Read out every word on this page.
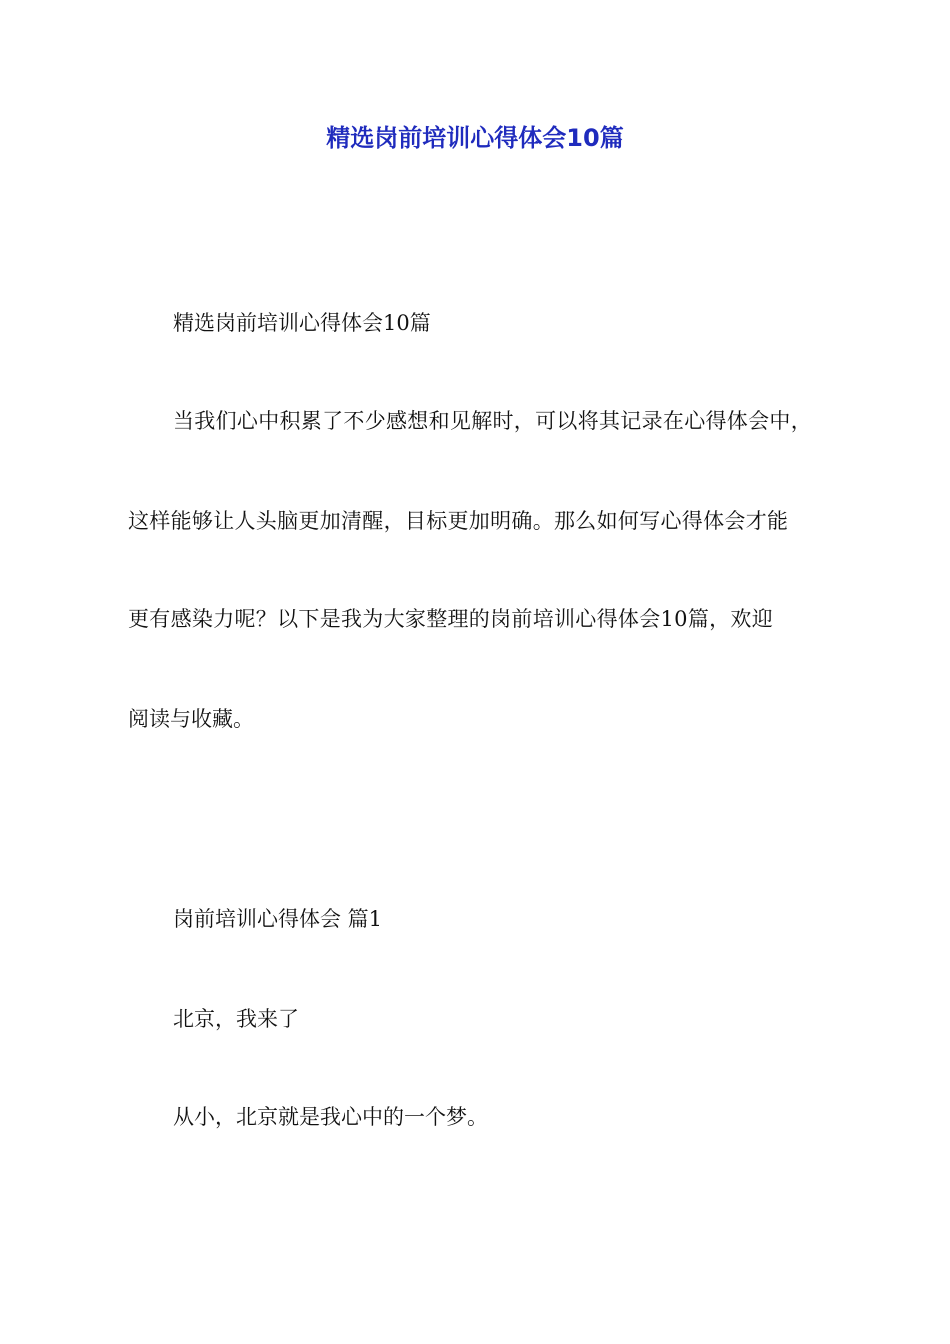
精选岗前培训心得体会10篇

精选岗前培训心得体会10篇

当我们心中积累了不少感想和见解时，可以将其记录在心得体会中，

这样能够让人头脑更加清醒，目标更加明确。那么如何写心得体会才能

更有感染力呢？以下是我为大家整理的岗前培训心得体会10篇，欢迎

阅读与收藏。

岗前培训心得体会 篇1

北京，我来了

从小，北京就是我心中的一个梦。
